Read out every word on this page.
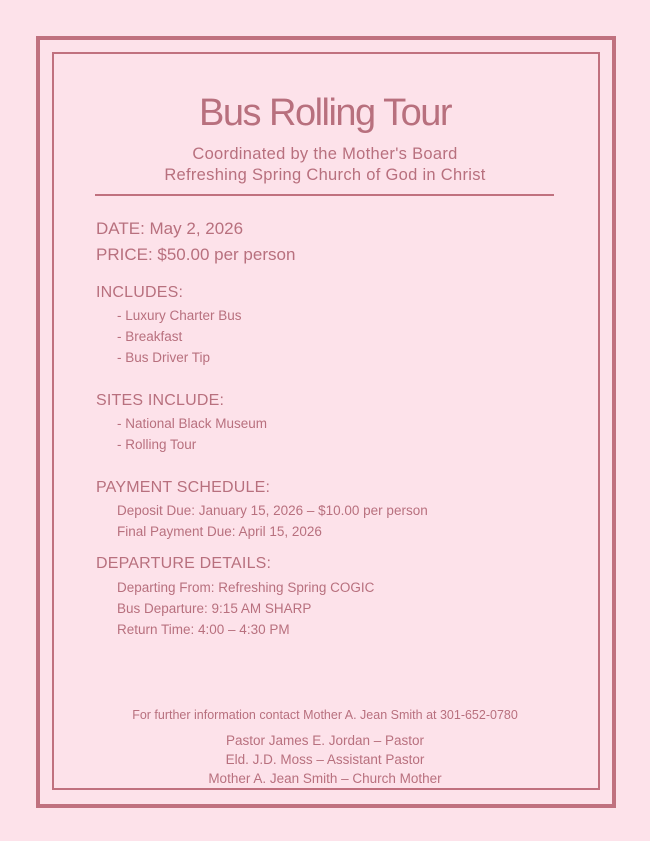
Bus Rolling Tour
Coordinated by the Mother's Board
Refreshing Spring Church of God in Christ
DATE: May 2, 2026
PRICE: $50.00 per person
INCLUDES:
- Luxury Charter Bus
- Breakfast
- Bus Driver Tip
SITES INCLUDE:
- National Black Museum
- Rolling Tour
PAYMENT SCHEDULE:
Deposit Due: January 15, 2026 – $10.00 per person
Final Payment Due: April 15, 2026
DEPARTURE DETAILS:
Departing From: Refreshing Spring COGIC
Bus Departure: 9:15 AM SHARP
Return Time: 4:00 – 4:30 PM
For further information contact Mother A. Jean Smith at 301-652-0780
Pastor James E. Jordan – Pastor
Eld. J.D. Moss – Assistant Pastor
Mother A. Jean Smith – Church Mother
